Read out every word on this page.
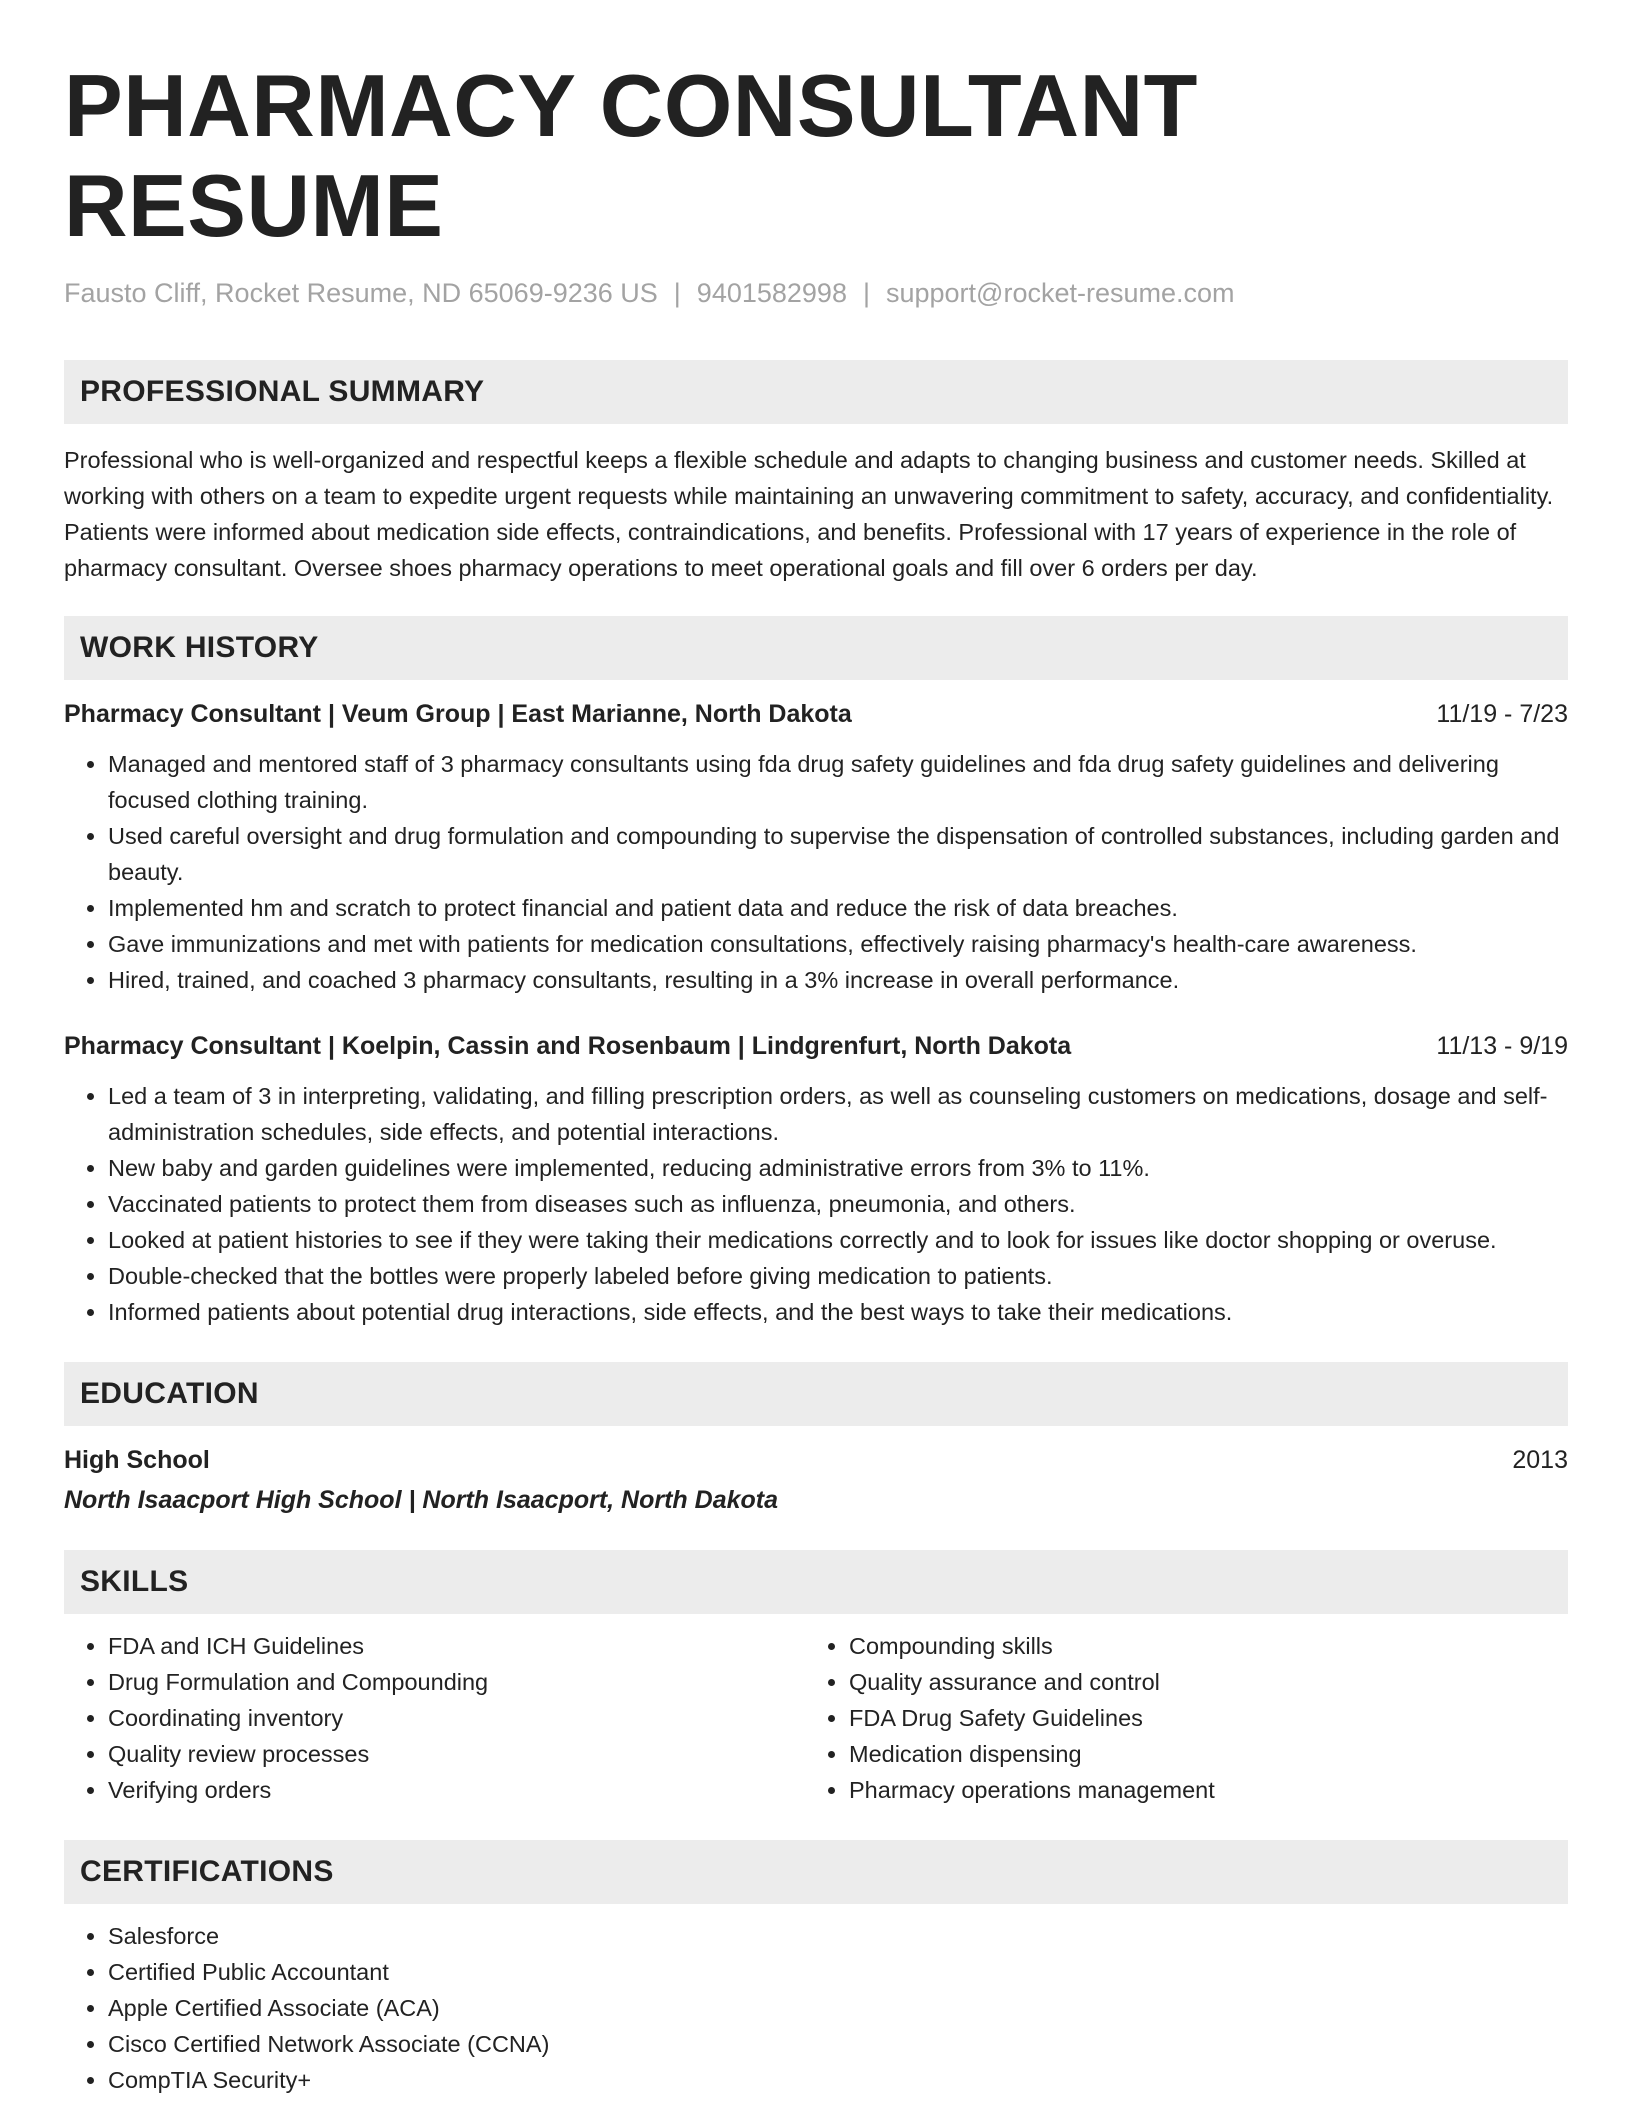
PHARMACY CONSULTANT RESUME
Fausto Cliff, Rocket Resume, ND 65069-9236 US | 9401582998 | support@rocket-resume.com
PROFESSIONAL SUMMARY

Professional who is well-organized and respectful keeps a flexible schedule and adapts to changing business and customer needs. Skilled at working with others on a team to expedite urgent requests while maintaining an unwavering commitment to safety, accuracy, and confidentiality. Patients were informed about medication side effects, contraindications, and benefits. Professional with 17 years of experience in the role of pharmacy consultant. Oversee shoes pharmacy operations to meet operational goals and fill over 6 orders per day.

WORK HISTORY
Pharmacy Consultant | Veum Group | East Marianne, North Dakota	11/19 - 7/23
• Managed and mentored staff of 3 pharmacy consultants using fda drug safety guidelines and fda drug safety guidelines and delivering focused clothing training.
• Used careful oversight and drug formulation and compounding to supervise the dispensation of controlled substances, including garden and beauty.
• Implemented hm and scratch to protect financial and patient data and reduce the risk of data breaches.
• Gave immunizations and met with patients for medication consultations, effectively raising pharmacy's health-care awareness.
• Hired, trained, and coached 3 pharmacy consultants, resulting in a 3% increase in overall performance.
Pharmacy Consultant | Koelpin, Cassin and Rosenbaum | Lindgrenfurt, North Dakota	11/13 - 9/19
• Led a team of 3 in interpreting, validating, and filling prescription orders, as well as counseling customers on medications, dosage and self-administration schedules, side effects, and potential interactions.
• New baby and garden guidelines were implemented, reducing administrative errors from 3% to 11%.
• Vaccinated patients to protect them from diseases such as influenza, pneumonia, and others.
• Looked at patient histories to see if they were taking their medications correctly and to look for issues like doctor shopping or overuse.
• Double-checked that the bottles were properly labeled before giving medication to patients.
• Informed patients about potential drug interactions, side effects, and the best ways to take their medications.
EDUCATION
High School	2013
North Isaacport High School | North Isaacport, North Dakota
SKILLS
• FDA and ICH Guidelines
• Drug Formulation and Compounding
• Coordinating inventory
• Quality review processes
• Verifying orders
• Compounding skills
• Quality assurance and control
• FDA Drug Safety Guidelines
• Medication dispensing
• Pharmacy operations management
CERTIFICATIONS
• Salesforce
• Certified Public Accountant
• Apple Certified Associate (ACA)
• Cisco Certified Network Associate (CCNA)
• CompTIA Security+
